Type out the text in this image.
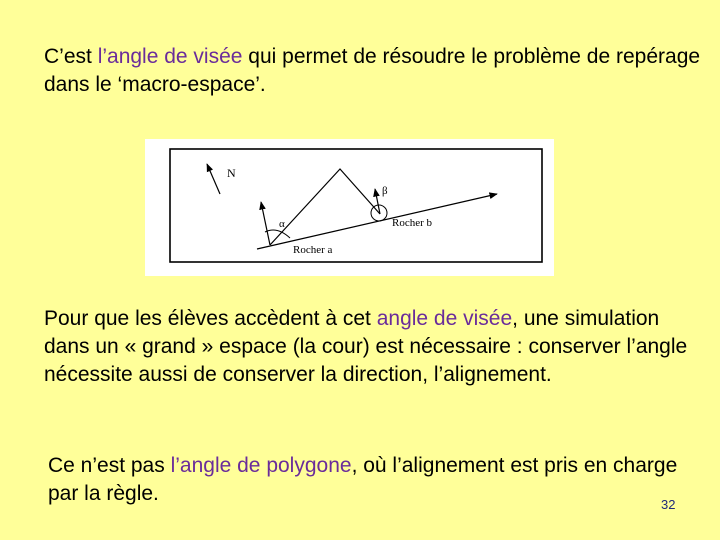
C’est l’angle de visée qui permet de résoudre le problème de repérage dans le ‘macro-espace’.

N
α
β
Rocher a
Rocher b

Pour que les élèves accèdent à cet angle de visée, une simulation dans un « grand » espace (la cour) est nécessaire : conserver l’angle nécessite aussi de conserver la direction, l’alignement.

Ce n’est pas l’angle de polygone, où l’alignement est pris en charge par la règle.	32
